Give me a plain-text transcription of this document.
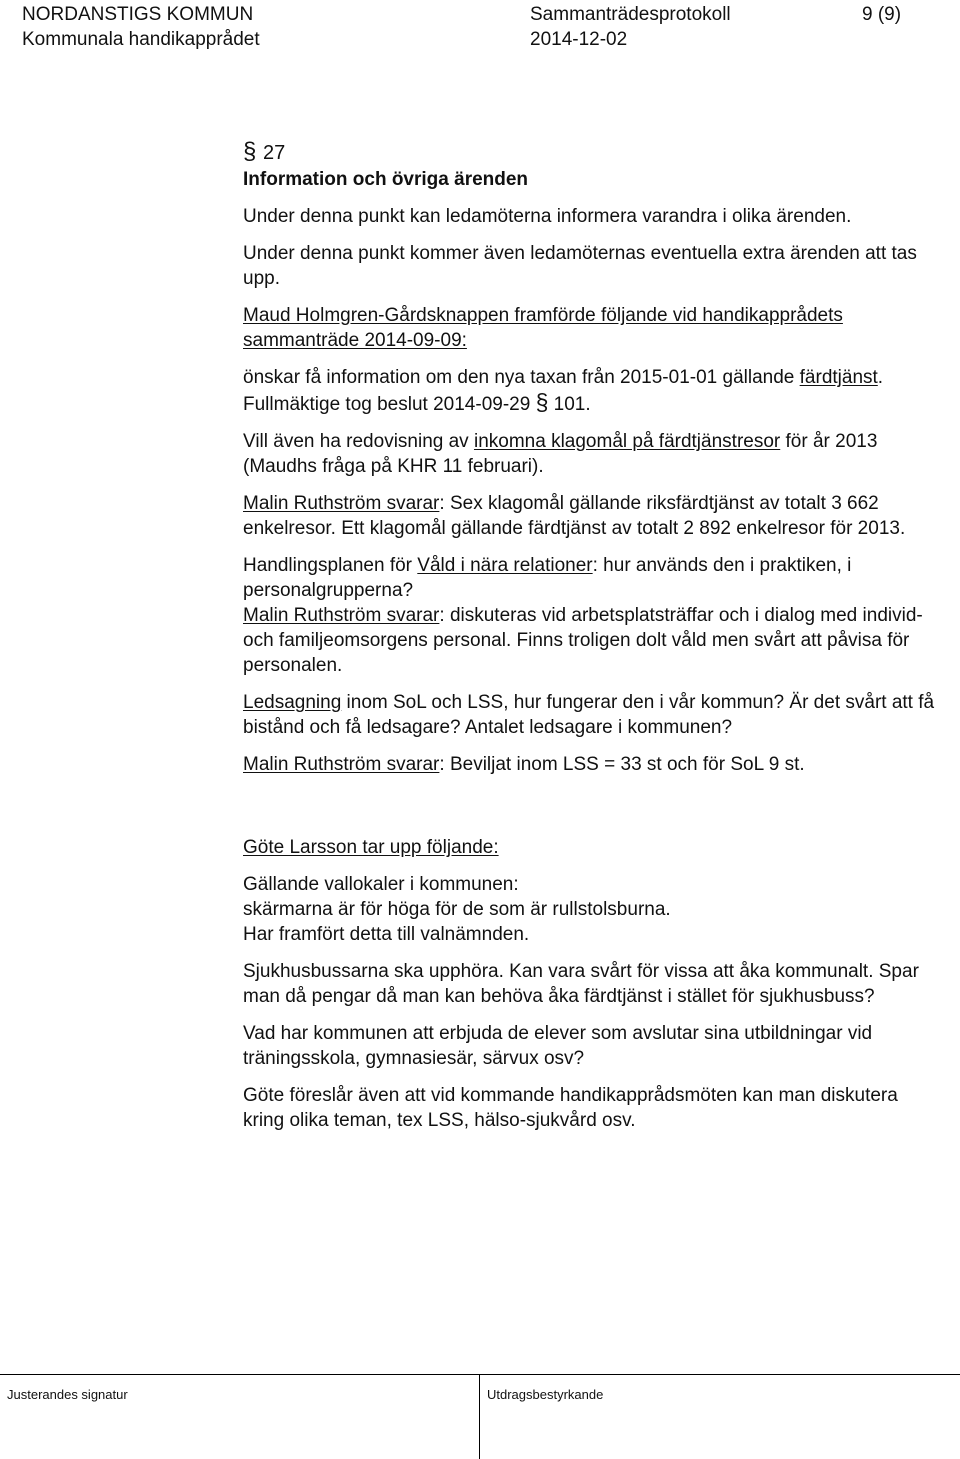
NORDANSTIGS KOMMUN
Kommunala handikapprådet
Sammanträdesprotokoll
2014-12-02
9 (9)

§ 27

Information och övriga ärenden

Under denna punkt kan ledamöterna informera varandra i olika ärenden.

Under denna punkt kommer även ledamöternas eventuella extra ärenden att tas upp.

Maud Holmgren-Gårdsknappen framförde följande vid handikapprådets sammanträde 2014-09-09:

önskar få information om den nya taxan från 2015-01-01 gällande färdtjänst. Fullmäktige tog beslut 2014-09-29 § 101.

Vill även ha redovisning av inkomna klagomål på färdtjänstresor för år 2013 (Maudhs fråga på KHR 11 februari).

Malin Ruthström svarar: Sex klagomål gällande riksfärdtjänst av totalt 3 662 enkelresor. Ett klagomål gällande färdtjänst av totalt 2 892 enkelresor för 2013.

Handlingsplanen för Våld i nära relationer: hur används den i praktiken, i personalgrupperna?

Malin Ruthström svarar: diskuteras vid arbetsplatsträffar och i dialog med individ- och familjeomsorgens personal. Finns troligen dolt våld men svårt att påvisa för personalen.

Ledsagning inom SoL och LSS, hur fungerar den i vår kommun? Är det svårt att få bistånd och få ledsagare? Antalet ledsagare i kommunen?

Malin Ruthström svarar: Beviljat inom LSS = 33 st och för SoL 9 st.

Göte Larsson tar upp följande:

Gällande vallokaler i kommunen:

skärmarna är för höga för de som är rullstolsburna.

Har framfört detta till valnämnden.

Sjukhusbussarna ska upphöra. Kan vara svårt för vissa att åka kommunalt. Spar man då pengar då man kan behöva åka färdtjänst i stället för sjukhusbuss?

Vad har kommunen att erbjuda de elever som avslutar sina utbildningar vid träningsskola, gymnasiesär, särvux osv?

Göte föreslår även att vid kommande handikapprådsmöten kan man diskutera kring olika teman, tex LSS, hälso-sjukvård osv.

Justerandes signatur	Utdragsbestyrkande
